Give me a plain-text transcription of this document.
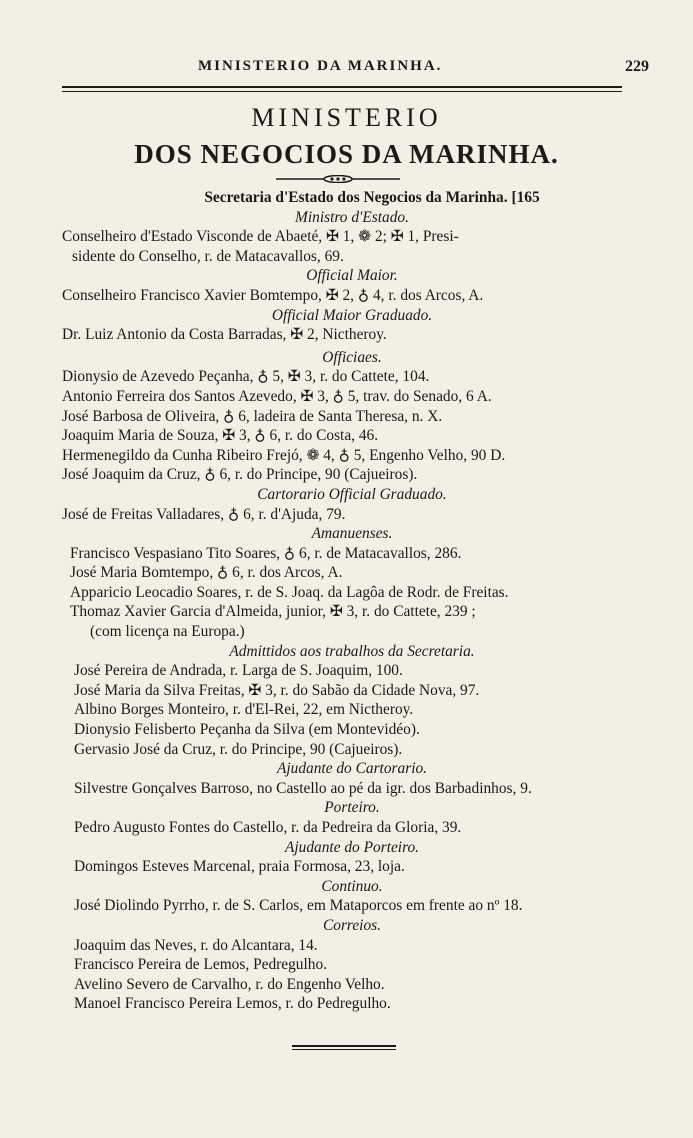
MINISTERIO DA MARINHA.	229
MINISTERIO
DOS NEGOCIOS DA MARINHA.
Secretaria d'Estado dos Negocios da Marinha. [165
Ministro d'Estado.
Conselheiro d'Estado Visconde de Abaeté, ✠ 1, ❁ 2; ✠ 1, Presi-
sidente do Conselho, r. de Matacavallos, 69.
Official Maior.
Conselheiro Francisco Xavier Bomtempo, ✠ 2, ♁ 4, r. dos Arcos, A.
Official Maior Graduado.
Dr. Luiz Antonio da Costa Barradas, ✠ 2, Nictheroy.
Officiaes.
Dionysio de Azevedo Peçanha, ♁ 5, ✠ 3, r. do Cattete, 104.
Antonio Ferreira dos Santos Azevedo, ✠ 3, ♁ 5, trav. do Senado, 6 A.
José Barbosa de Oliveira, ♁ 6, ladeira de Santa Theresa, n. X.
Joaquim Maria de Souza, ✠ 3, ♁ 6, r. do Costa, 46.
Hermenegildo da Cunha Ribeiro Frejó, ❁ 4, ♁ 5, Engenho Velho, 90 D.
José Joaquim da Cruz, ♁ 6, r. do Principe, 90 (Cajueiros).
Cartorario Official Graduado.
José de Freitas Valladares, ♁ 6, r. d'Ajuda, 79.
Amanuenses.
Francisco Vespasiano Tito Soares, ♁ 6, r. de Matacavallos, 286.
José Maria Bomtempo, ♁ 6, r. dos Arcos, A.
Apparicio Leocadio Soares, r. de S. Joaq. da Lagôa de Rodr. de Freitas.
Thomaz Xavier Garcia d'Almeida, junior, ✠ 3, r. do Cattete, 239 ;
(com licença na Europa.)
Admittidos aos trabalhos da Secretaria.
José Pereira de Andrada, r. Larga de S. Joaquim, 100.
José Maria da Silva Freitas, ✠ 3, r. do Sabão da Cidade Nova, 97.
Albino Borges Monteiro, r. d'El-Rei, 22, em Nictheroy.
Dionysio Felisberto Peçanha da Silva (em Montevidéo).
Gervasio José da Cruz, r. do Principe, 90 (Cajueiros).
Ajudante do Cartorario.
Silvestre Gonçalves Barroso, no Castello ao pé da igr. dos Barbadinhos, 9.
Porteiro.
Pedro Augusto Fontes do Castello, r. da Pedreira da Gloria, 39.
Ajudante do Porteiro.
Domingos Esteves Marcenal, praia Formosa, 23, loja.
Continuo.
José Diolindo Pyrrho, r. de S. Carlos, em Mataporcos em frente ao nº 18.
Correios.
Joaquim das Neves, r. do Alcantara, 14.
Francisco Pereira de Lemos, Pedregulho.
Avelino Severo de Carvalho, r. do Engenho Velho.
Manoel Francisco Pereira Lemos, r. do Pedregulho.
